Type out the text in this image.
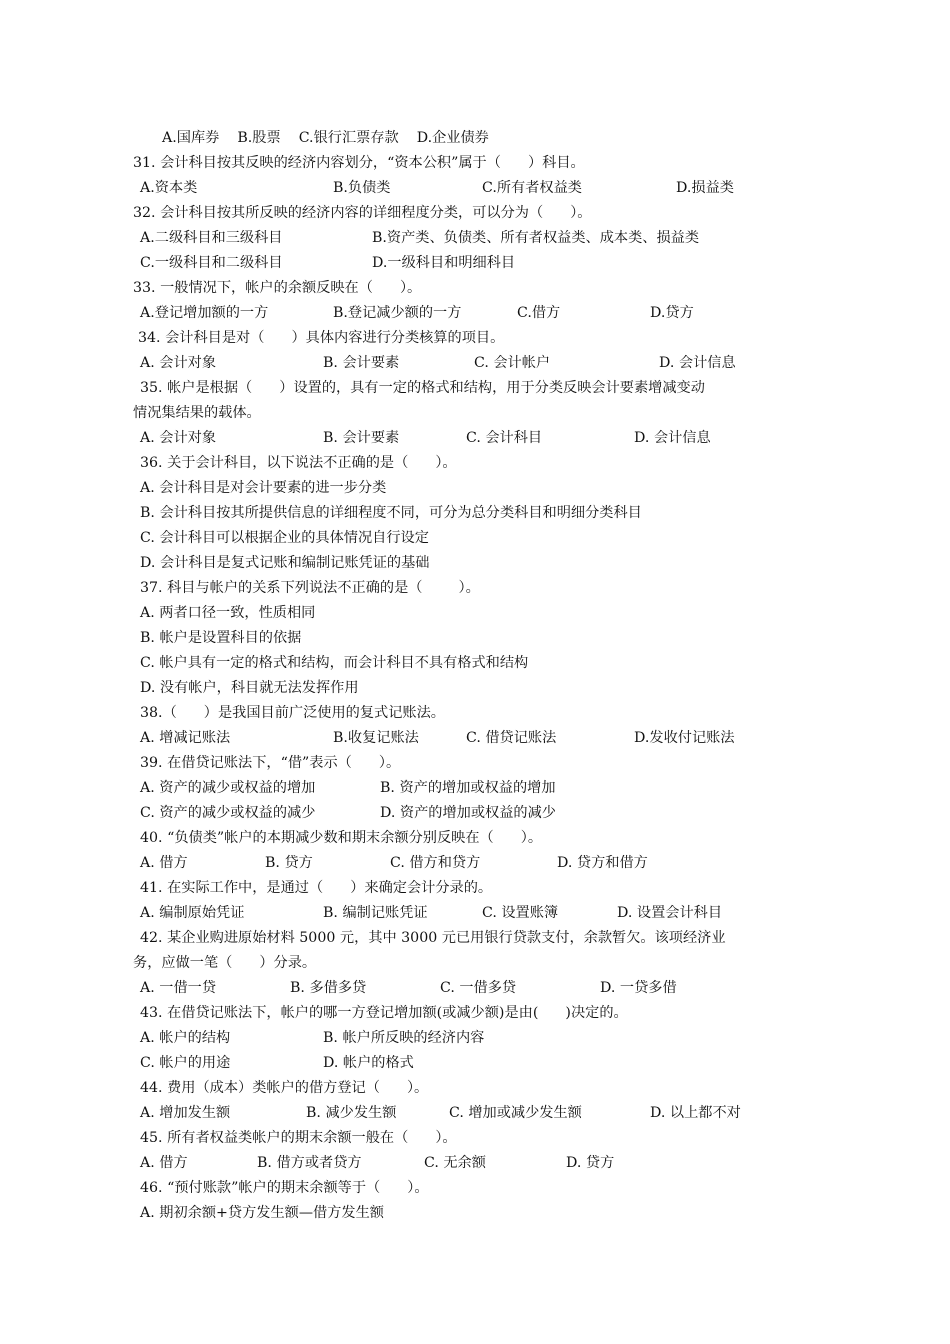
A.国库券    B.股票    C.银行汇票存款    D.企业债券
31. 会计科目按其反映的经济内容划分，“资本公积”属于（      ）科目。
A.资本类	B.负债类	C.所有者权益类	D.损益类
32. 会计科目按其所反映的经济内容的详细程度分类，可以分为（      ）。
A.二级科目和三级科目	B.资产类、负债类、所有者权益类、成本类、损益类
C.一级科目和二级科目	D.一级科目和明细科目
33. 一般情况下，帐户的余额反映在（      ）。
A.登记增加额的一方	B.登记减少额的一方	C.借方	D.贷方
34. 会计科目是对（      ）具体内容进行分类核算的项目。
A. 会计对象	B. 会计要素	C. 会计帐户	D. 会计信息
35. 帐户是根据（      ）设置的，具有一定的格式和结构，用于分类反映会计要素增减变动
情况集结果的载体。
A. 会计对象	B. 会计要素	C. 会计科目	D. 会计信息
36. 关于会计科目，以下说法不正确的是（      ）。
A. 会计科目是对会计要素的进一步分类
B. 会计科目按其所提供信息的详细程度不同，可分为总分类科目和明细分类科目
C. 会计科目可以根据企业的具体情况自行设定
D. 会计科目是复式记账和编制记账凭证的基础
37. 科目与帐户的关系下列说法不正确的是（        ）。
A. 两者口径一致，性质相同
B. 帐户是设置科目的依据
C. 帐户具有一定的格式和结构，而会计科目不具有格式和结构
D. 没有帐户，科目就无法发挥作用
38.（      ）是我国目前广泛使用的复式记账法。
A. 增减记账法	B.收复记账法	C. 借贷记账法	D.发收付记账法
39. 在借贷记账法下，“借”表示（      ）。
A. 资产的减少或权益的增加	B. 资产的增加或权益的增加
C. 资产的减少或权益的减少	D. 资产的增加或权益的减少
40. “负债类”帐户的本期减少数和期末余额分别反映在（      ）。
A. 借方	B. 贷方	C. 借方和贷方	D. 贷方和借方
41. 在实际工作中，是通过（      ）来确定会计分录的。
A. 编制原始凭证	B. 编制记账凭证	C. 设置账簿	D. 设置会计科目
42. 某企业购进原始材料 5000 元，其中 3000 元已用银行贷款支付，余款暂欠。该项经济业
务，应做一笔（      ）分录。
A. 一借一贷	B. 多借多贷	C. 一借多贷	D. 一贷多借
43. 在借贷记账法下，帐户的哪一方登记增加额(或减少额)是由(      )决定的。
A. 帐户的结构	B. 帐户所反映的经济内容
C. 帐户的用途	D. 帐户的格式
44. 费用（成本）类帐户的借方登记（      ）。
A. 增加发生额	B. 减少发生额	C. 增加或减少发生额	D. 以上都不对
45. 所有者权益类帐户的期末余额一般在（      ）。
A. 借方	B. 借方或者贷方	C. 无余额	D. 贷方
46. “预付账款”帐户的期末余额等于（      ）。
A. 期初余额+贷方发生额—借方发生额
